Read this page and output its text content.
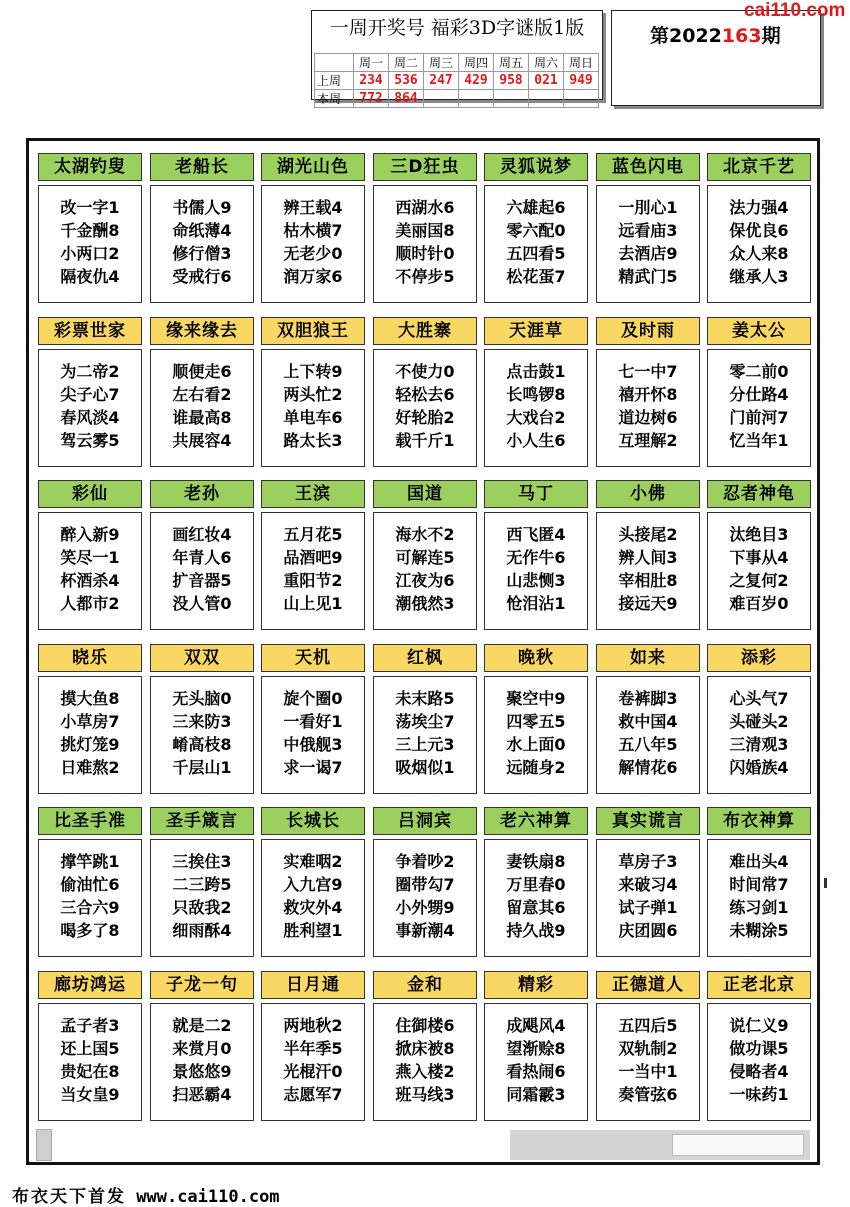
一周开奖号 福彩3D字谜版1版
	周一	周二	周三	周四	周五	周六	周日
上周	234	536	247	429	958	021	949
本周	772	864					
第2022163期
cai110.com
太湖钓叟
改一字1
千金酬8
小两口2
隔夜仇4
老船长
书儒人9
命纸薄4
修行僧3
受戒行6
湖光山色
辨王载4
枯木横7
无老少0
润万家6
三D狂虫
西湖水6
美丽国8
顺时针0
不停步5
灵狐说梦
六雄起6
零六配0
五四看5
松花蛋7
蓝色闪电
一刖心1
远看庙3
去酒店9
精武门5
北京千艺
法力强4
保优良6
众人来8
继承人3
彩票世家
为二帝2
尖子心7
春风淡4
驾云雾5
缘来缘去
顺便走6
左右看2
谁最高8
共展容4
双胆狼王
上下转9
两头忙2
单电车6
路太长3
大胜寨
不使力0
轻松去6
好轮胎2
载千斤1
天涯草
点击鼓1
长鸣锣8
大戏台2
小人生6
及时雨
七一中7
禧开怀8
道边树6
互理解2
姜太公
零二前0
分仕路4
门前河7
忆当年1
彩仙
醉入新9
笑尽一1
杯酒杀4
人都市2
老孙
画红妆4
年青人6
扩音器5
没人管0
王滨
五月花5
品酒吧9
重阳节2
山上见1
国道
海水不2
可解连5
江夜为6
潮俄然3
马丁
西飞匿4
无作牛6
山悲恻3
怆泪沾1
小佛
头接尾2
辨人间3
宰相肚8
接远天9
忍者神龟
汰绝目3
下事从4
之复何2
难百岁0
晓乐
摸大鱼8
小草房7
挑灯笼9
日难熬2
双双
无头脑0
三来防3
崤高枝8
千层山1
天机
旋个圈0
一看好1
中俄舰3
求一谒7
红枫
未末路5
荡埃尘7
三上元3
吸烟似1
晚秋
聚空中9
四零五5
水上面0
远随身2
如来
卷裤脚3
救中国4
五八年5
解情花6
添彩
心头气7
头碰头2
三清观3
闪婚族4
比圣手准
撑竿跳1
偷油忙6
三合六9
喝多了8
圣手箴言
三挨住3
二三跨5
只敌我2
细雨酥4
长城长
实难咽2
入九宫9
救灾外4
胜利望1
吕洞宾
争着吵2
圈带勾7
小外甥9
事新潮4
老六神算
妻铁扇8
万里春0
留意其6
持久战9
真实谎言
草房子3
来破习4
试子弹1
庆团圆6
布衣神算
难出头4
时间常7
练习剑1
未糊涂5
廊坊鸿运
孟子者3
还上国5
贵妃在8
当女皇9
子龙一句
就是二2
来赏月0
景悠悠9
扫恶霸4
日月通
两地秋2
半年季5
光棍汗0
志愿军7
金和
住御楼6
掀床被8
燕入楼2
班马线3
精彩
成飓风4
望渐赊8
看热闹6
同霜霰3
正德道人
五四后5
双轨制2
一当中1
奏管弦6
正老北京
说仁义9
做功课5
侵略者4
一味药1
布衣天下首发 www.cai110.com
